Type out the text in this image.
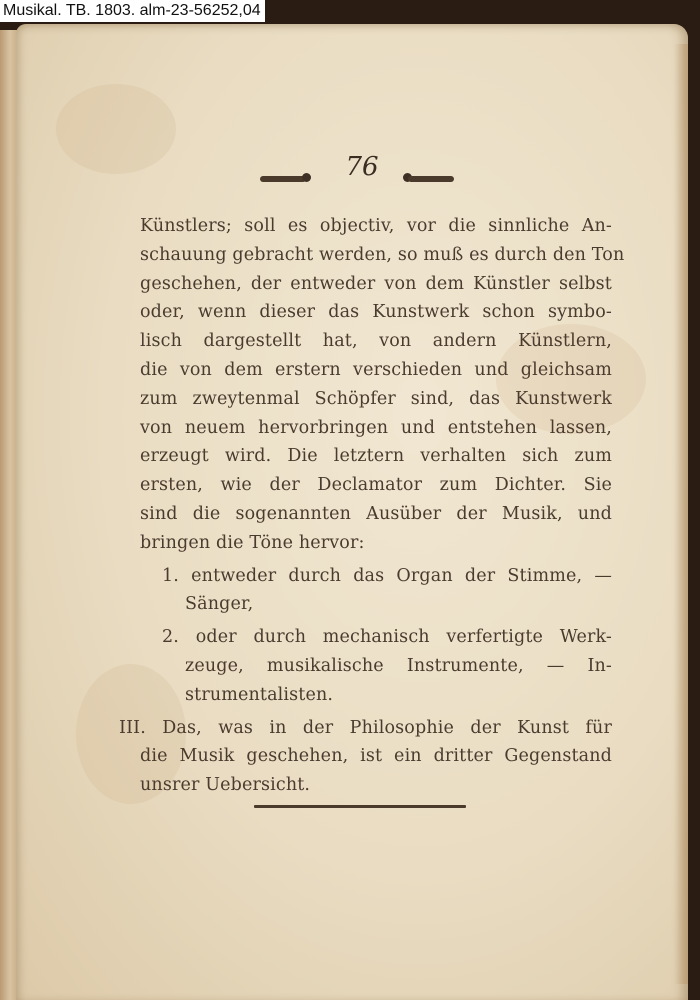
Musikal. TB. 1803. alm-23-56252,04
76
Künstlers; soll es objectiv, vor die sinnliche An-
schauung gebracht werden, so muß es durch den Ton
geschehen, der entweder von dem Künstler selbst
oder, wenn dieser das Kunstwerk schon symbo-
lisch dargestellt hat, von andern Künstlern,
die von dem erstern verschieden und gleichsam
zum zweytenmal Schöpfer sind, das Kunstwerk
von neuem hervorbringen und entstehen lassen,
erzeugt wird. Die letztern verhalten sich zum
ersten, wie der Declamator zum Dichter. Sie
sind die sogenannten Ausüber der Musik, und
bringen die Töne hervor:
1. entweder durch das Organ der Stimme, —
Sänger,
2. oder durch mechanisch verfertigte Werk-
zeuge, musikalische Instrumente, — In-
strumentalisten.
III. Das, was in der Philosophie der Kunst für
die Musik geschehen, ist ein dritter Gegenstand
unsrer Uebersicht.
